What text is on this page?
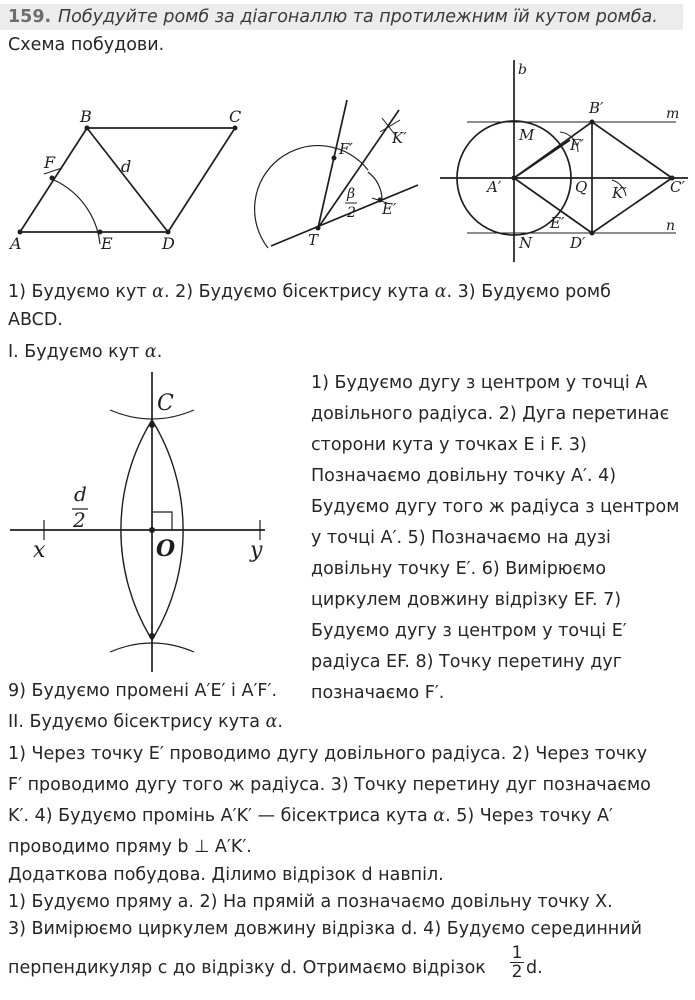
159. Побудуйте ромб за діагоналлю та протилежним їй кутом ромба.
Схема побудови.
A
B	C
D
E
F	d
T
F′
K′
E′
β
2
b
B′	m
M
F′
K′
A′	Q	C′
E′
N	D′
n
C
O
x	y
d
2
1) Будуємо кут α. 2) Будуємо бісектрису кута α. 3) Будуємо ромб
ABCD.
I. Будуємо кут α.
1) Будуємо дугу з центром у точці A
довільного радіуса. 2) Дуга перетинає
сторони кута у точках E і F. 3)
Позначаємо довільну точку A′. 4)
Будуємо дугу того ж радіуса з центром
у точці A′. 5) Позначаємо на дузі
довільну точку E′. 6) Вимірюємо
циркулем довжину відрізку EF. 7)
Будуємо дугу з центром у точці E′
радіуса EF. 8) Точку перетину дуг
позначаємо F′.
9) Будуємо промені A′E′ і A′F′.
II. Будуємо бісектрису кута α.
1) Через точку E′ проводимо дугу довільного радіуса. 2) Через точку
F′ проводимо дугу того ж радіуса. 3) Точку перетину дуг позначаємо
K′. 4) Будуємо промінь A′K′ — бісектриса кута α. 5) Через точку A′
проводимо пряму b ⊥ A′K′.
Додаткова побудова. Ділимо відрізок d навпіл.
1) Будуємо пряму a. 2) На прямій a позначаємо довільну точку X.
3) Вимірюємо циркулем довжину відрізка d. 4) Будуємо серединний
перпендикуляр c до відрізку d. Отримаємо відрізок $\frac{1}{2} d$.
